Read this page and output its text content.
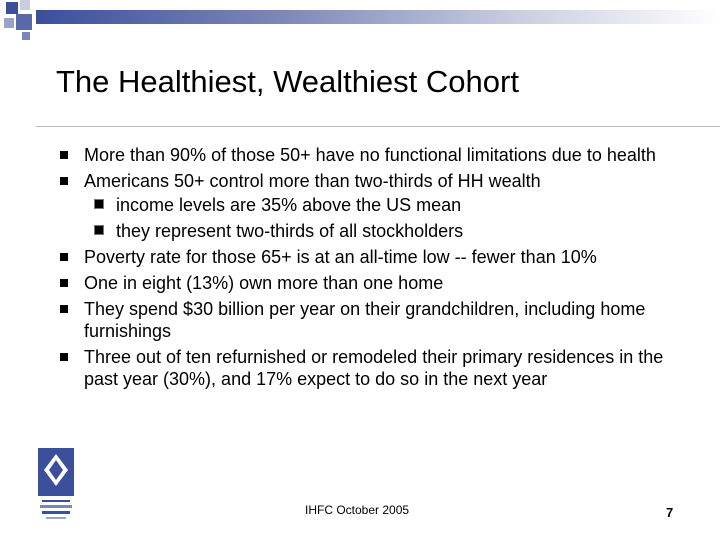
The Healthiest, Wealthiest Cohort
More than 90% of those 50+ have no functional limitations due to health
Americans 50+ control more than two-thirds of HH wealth
income levels are 35% above the US mean
they represent two-thirds of all stockholders
Poverty rate for those 65+ is at an all-time low -- fewer than 10%
One in eight (13%) own more than one home
They spend $30 billion per year on their grandchildren, including home furnishings
Three out of ten refurnished or remodeled their primary residences in the past year (30%), and 17% expect to do so in the next year
IHFC October 2005	7
